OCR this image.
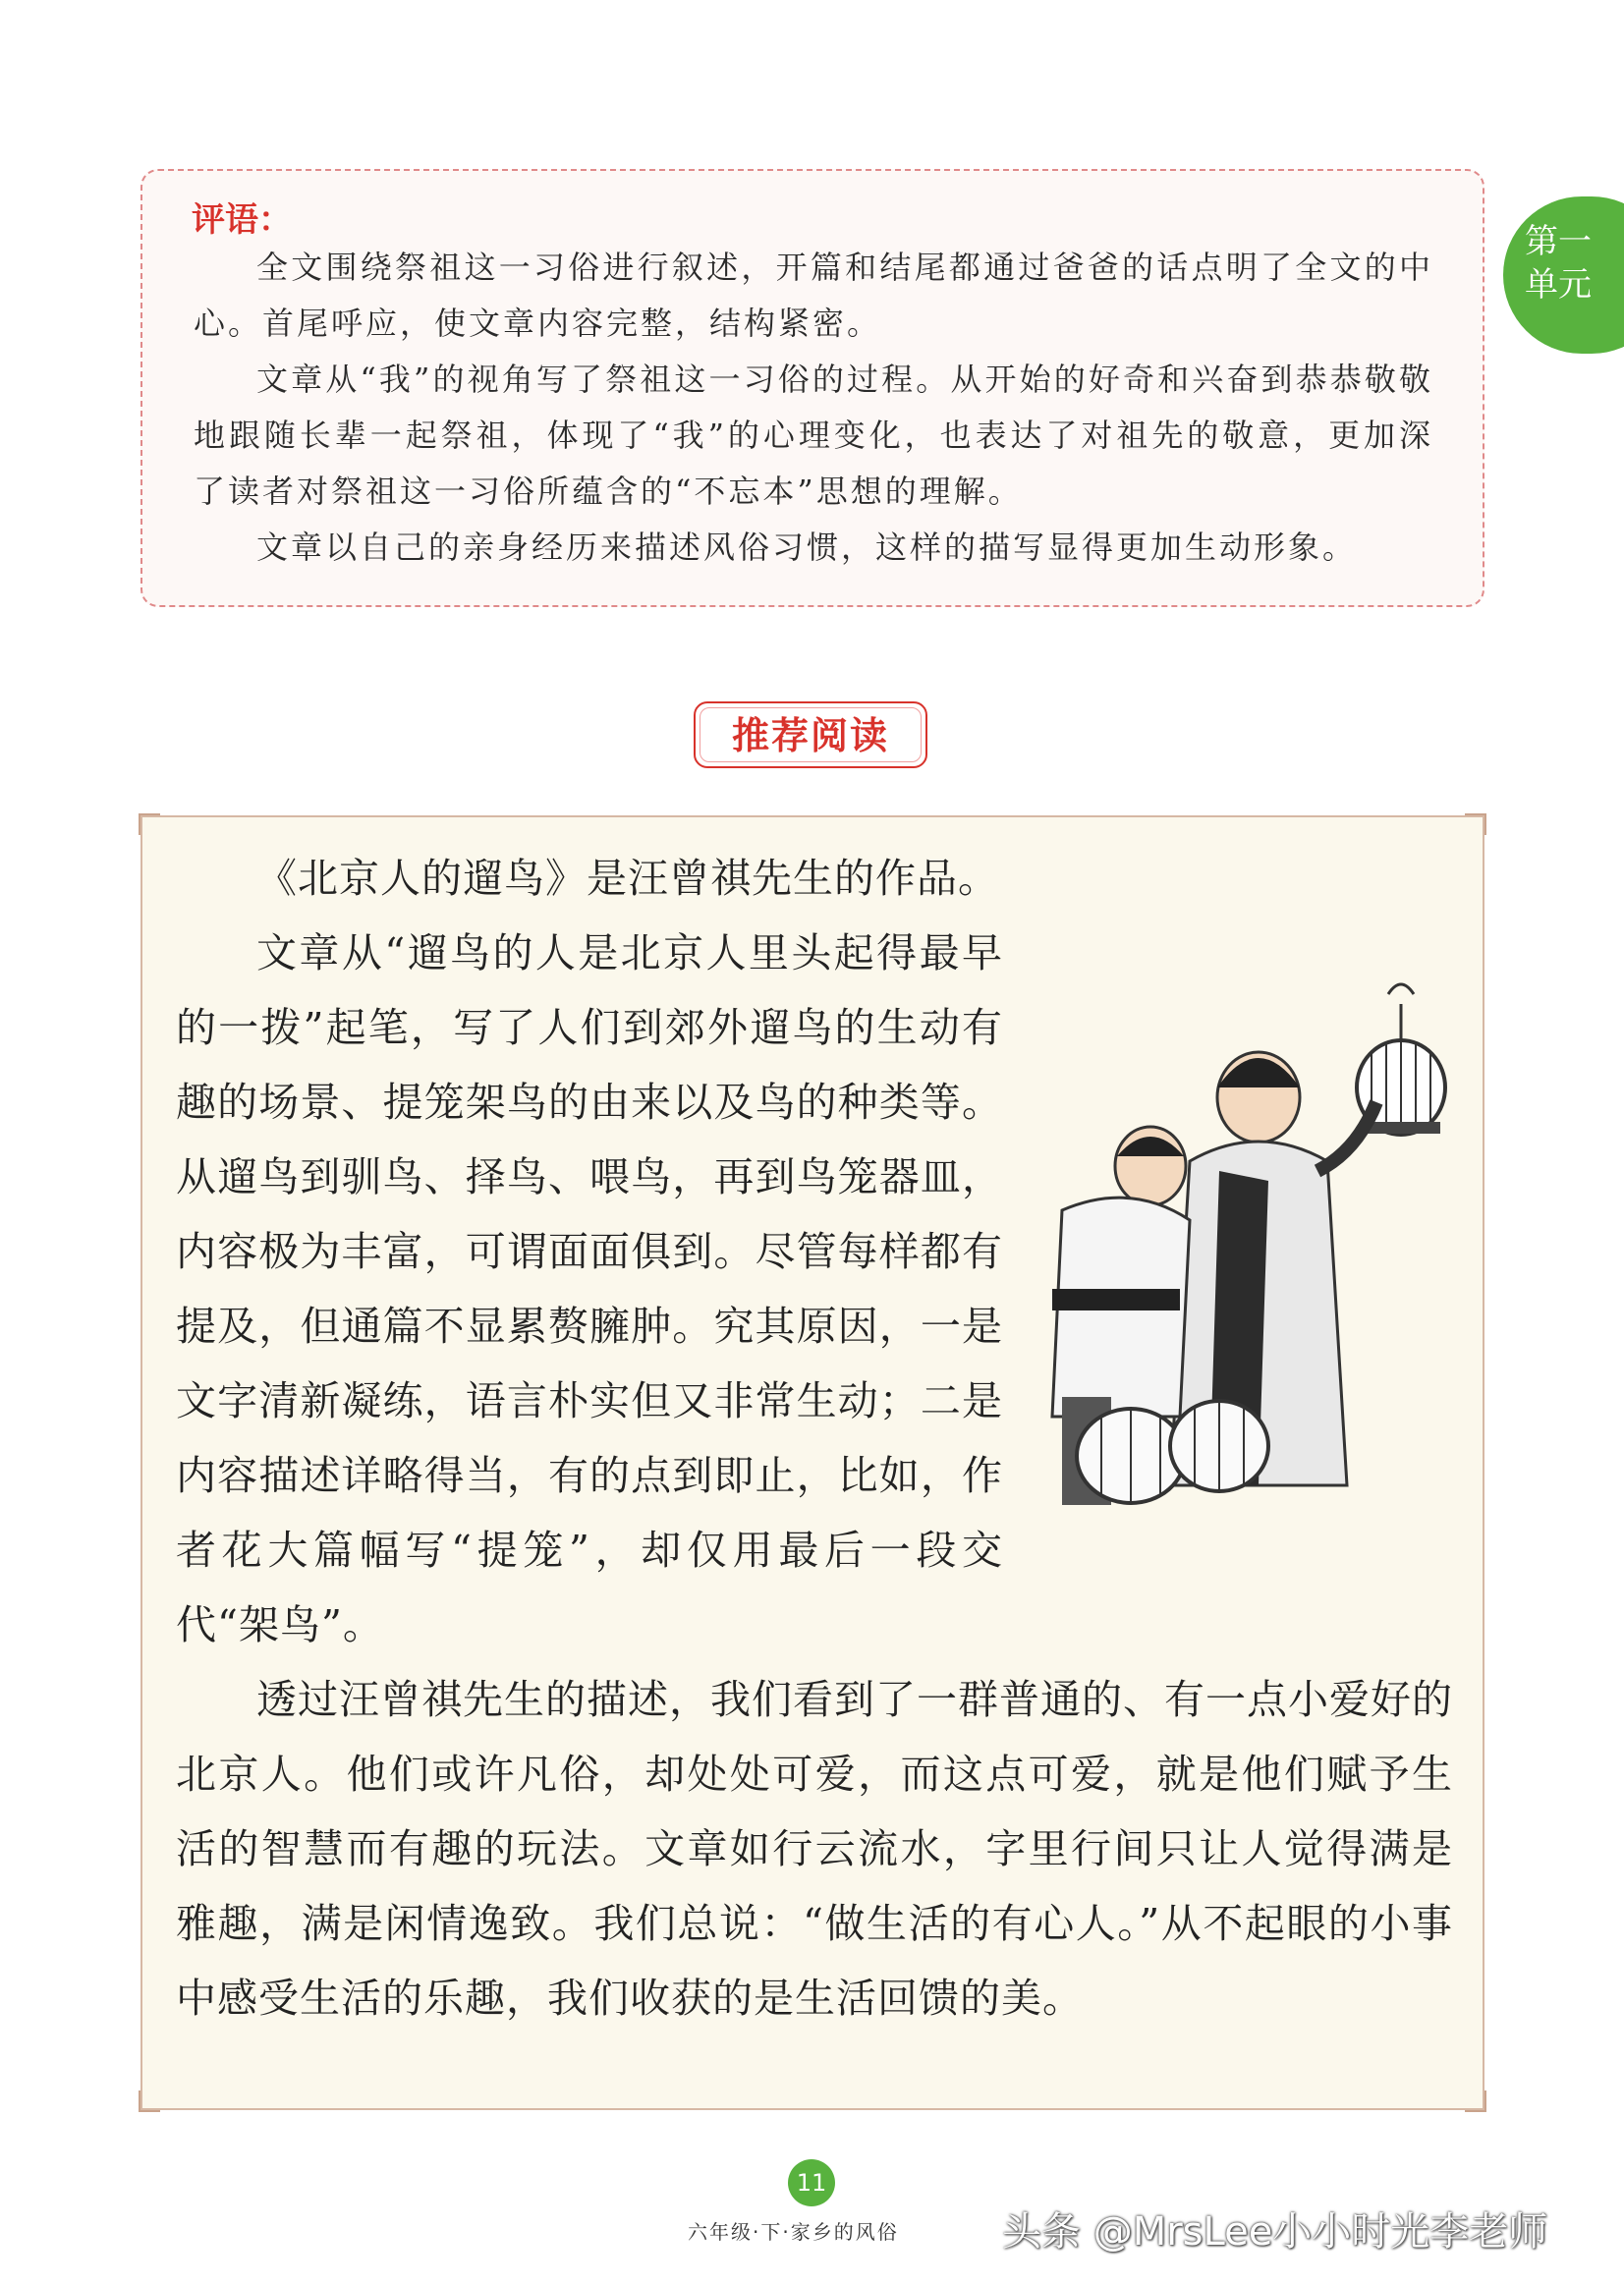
评语：

全文围绕祭祖这一习俗进行叙述，开篇和结尾都通过爸爸的话点明了全文的中心。首尾呼应，使文章内容完整，结构紧密。

文章从“我”的视角写了祭祖这一习俗的过程。从开始的好奇和兴奋到恭恭敬敬地跟随长辈一起祭祖，体现了“我”的心理变化，也表达了对祖先的敬意，更加深了读者对祭祖这一习俗所蕴含的“不忘本”思想的理解。

文章以自己的亲身经历来描述风俗习惯，这样的描写显得更加生动形象。

第一
单元
推荐阅读

《北京人的遛鸟》是汪曾祺先生的作品。

文章从“遛鸟的人是北京人里头起得最早的一拨”起笔，写了人们到郊外遛鸟的生动有趣的场景、提笼架鸟的由来以及鸟的种类等。从遛鸟到驯鸟、择鸟、喂鸟，再到鸟笼器皿，内容极为丰富，可谓面面俱到。尽管每样都有提及，但通篇不显累赘臃肿。究其原因，一是文字清新凝练，语言朴实但又非常生动；二是内容描述详略得当，有的点到即止，比如，作者花大篇幅写“提笼”，却仅用最后一段交代“架鸟”。

透过汪曾祺先生的描述，我们看到了一群普通的、有一点小爱好的北京人。他们或许凡俗，却处处可爱，而这点可爱，就是他们赋予生活的智慧而有趣的玩法。文章如行云流水，字里行间只让人觉得满是雅趣，满是闲情逸致。我们总说：“做生活的有心人。”从不起眼的小事中感受生活的乐趣，我们收获的是生活回馈的美。

11
六年级·下·家乡的风俗	头条 @MrsLee小小时光李老师
